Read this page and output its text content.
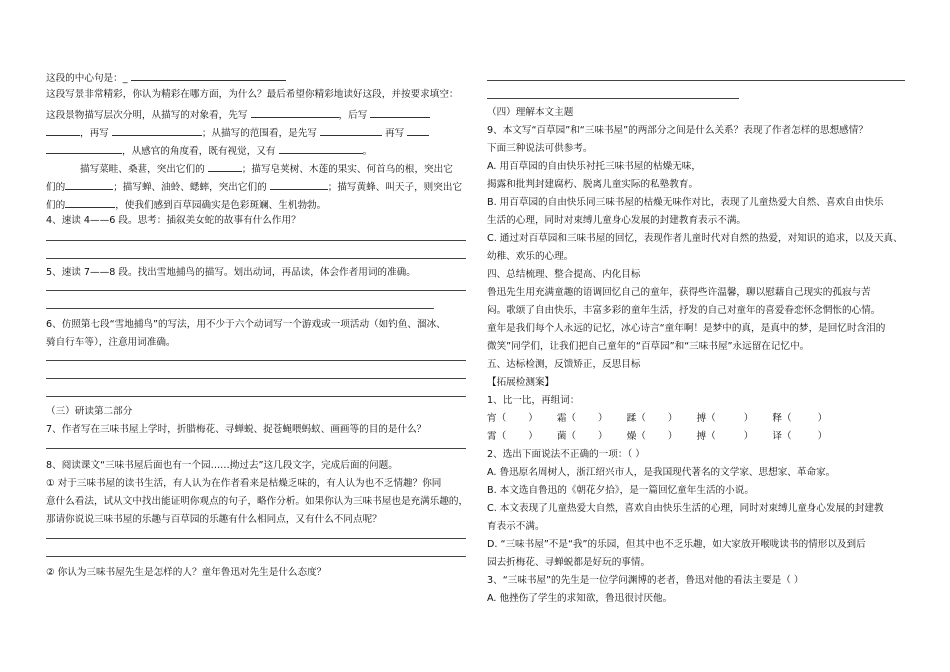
这段的中心句是：_
这段写景非常精彩，你认为精彩在哪方面，为什么？最后希望你精彩地读好这段，并按要求填空：
这段景物描写层次分明，从描写的对象看，先写	，后写
，再写	；从描写的范围看，是先写	再写
，从感官的角度看，既有视觉，又有	。
描写菜畦、桑葚，突出它们的	；描写皂荚树、木莲的果实、何首乌的根，突出它
们的	；描写蝉、油蛉、蟋蟀，突出它们的	；描写黄蜂、叫天子，则突出它
们的	，使我们感到百草园确实是色彩斑斓、生机勃勃。
4、速读 4——6 段。思考：插叙美女蛇的故事有什么作用？
5、速读 7——8 段。找出雪地捕鸟的描写。划出动词，再品读，体会作者用词的准确。
6、仿照第七段“雪地捕鸟”的写法，用不少于六个动词写一个游戏或一项活动（如钓鱼、溜冰、
骑自行车等），注意用词准确。
（三）研读第二部分
7、作者写在三味书屋上学时，折腊梅花、寻蝉蜕、捉苍蝇喂蚂蚁、画画等的目的是什么？
8、阅读课文“三味书屋后面也有一个园……拗过去”这几段文字，完成后面的问题。
① 对于三味书屋的读书生活，有人认为在作者看来是枯燥乏味的，有人认为也不乏情趣？你同
意什么看法，试从文中找出能证明你观点的句子，略作分析。如果你认为三味书屋也是充满乐趣的，
那请你说说三味书屋的乐趣与百草园的乐趣有什么相同点，又有什么不同点呢？
② 你认为三味书屋先生是怎样的人？童年鲁迅对先生是什么态度？
（四）理解本文主题
9、本文写“百草园”和“三味书屋”的两部分之间是什么关系？表现了作者怎样的思想感情？
下面三种说法可供参考。
A. 用百草园的自由快乐衬托三味书屋的枯燥无味，
揭露和批判封建腐朽、脱离儿童实际的私塾教育。
B. 用百草园的自由快乐同三味书屋的枯燥无味作对比，表现了儿童热爱大自然、喜欢自由快乐
生活的心理，同时对束缚儿童身心发展的封建教育表示不满。
C. 通过对百草园和三味书屋的回忆，表现作者儿童时代对自然的热爱，对知识的追求，以及天真、
幼稚、欢乐的心理。
四、总结梳理、整合提高、内化目标
鲁迅先生用充满童趣的语调回忆自己的童年，获得些许温馨，聊以慰藉自己现实的孤寂与苦
闷。歌颂了自由快乐，丰富多彩的童年生活，抒发的自己对童年的喜爱眷恋怀念惘怅的心情。
童年是我们每个人永远的记忆，冰心诗言“童年啊！是梦中的真，是真中的梦，是回忆时含泪的
微笑”同学们，让我们把自己童年的“百草园”和“三味书屋”永远留在记忆中。
五、达标检测，反馈矫正，反思目标
【拓展检测案】
1、比一比，再组词：
宵（ ） 霜（ ） 蹂（ ） 搏（	） 释（	）
霄（ ） 菌（ ） 燥（ ） 搏（	） 译（	）
2、选出下面说法不正确的一项：（ ）
A. 鲁迅原名周树人，浙江绍兴市人，是我国现代著名的文学家、思想家、革命家。
B. 本文选自鲁迅的《朝花夕拾》，是一篇回忆童年生活的小说。
C. 本文表现了儿童热爱大自然，喜欢自由快乐生活的心理，同时对束缚儿童身心发展的封建教
育表示不满。
D. “三味书屋”不是“我”的乐园，但其中也不乏乐趣，如大家放开喉咙读书的情形以及到后
园去折梅花、寻蝉蜕都是好玩的事情。
3、“三味书屋”的先生是一位学问渊博的老者，鲁迅对他的看法主要是（ ）
A. 他挫伤了学生的求知欲，鲁迅很讨厌他。
